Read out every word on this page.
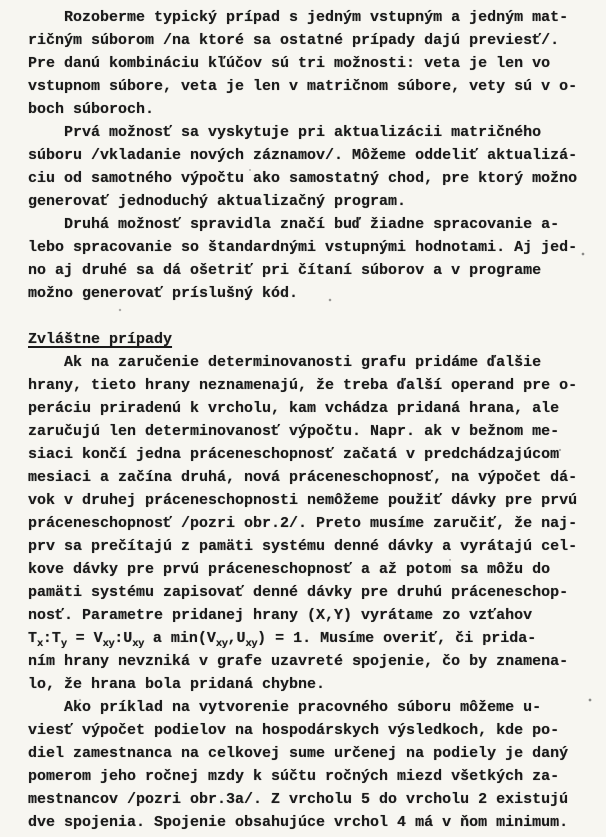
Rozoberme typický prípad s jedným vstupným a jedným mat-
ričným súborom /na ktoré sa ostatné prípady dajú previesť/.
Pre danú kombináciu kľúčov sú tri možnosti: veta je len vo
vstupnom súbore, veta je len v matričnom súbore, vety sú v o-
boch súboroch.
Prvá možnosť sa vyskytuje pri aktualizácii matričného
súboru /vkladanie nových záznamov/. Môžeme oddeliť aktualizá-
ciu od samotného výpočtu ako samostatný chod, pre ktorý možno
generovať jednoduchý aktualizačný program.
Druhá možnosť spravidla značí buď žiadne spracovanie a-
lebo spracovanie so štandardnými vstupnými hodnotami. Aj jed-
no aj druhé sa dá ošetriť pri čítaní súborov a v programe
možno generovať príslušný kód.
Zvláštne prípady
Ak na zaručenie determinovanosti grafu pridáme ďalšie
hrany, tieto hrany neznamenajú, že treba ďalší operand pre o-
peráciu priradenú k vrcholu, kam vchádza pridaná hrana, ale
zaručujú len determinovanosť výpočtu. Napr. ak v bežnom me-
siaci končí jedna práceneschopnosť začatá v predchádzajúcom
mesiaci a začína druhá, nová práceneschopnosť, na výpočet dá-
vok v druhej práceneschopnosti nemôžeme použiť dávky pre prvú
práceneschopnosť /pozri obr.2/. Preto musíme zaručiť, že naj-
prv sa prečítajú z pamäti systému denné dávky a vyrátajú cel-
kove dávky pre prvú práceneschopnosť a až potom sa môžu do
pamäti systému zapisovať denné dávky pre druhú práceneschop-
nosť. Parametre pridanej hrany (X,Y) vyrátame zo vzťahov
$T_x:T_y$ = $V_{xy}:U_{xy}$ a $\min(V_{xy},U_{xy}) = 1$. Musíme overiť, či prida-
ním hrany nevzniká v grafe uzavreté spojenie, čo by znamena-
lo, že hrana bola pridaná chybne.
Ako príklad na vytvorenie pracovného súboru môžeme u-
viesť výpočet podielov na hospodárskych výsledkoch, kde po-
diel zamestnanca na celkovej sume určenej na podiely je daný
pomerom jeho ročnej mzdy k súčtu ročných miezd všetkých za-
mestnancov /pozri obr.3a/. Z vrcholu 5 do vrcholu 2 existujú
dve spojenia. Spojenie obsahujúce vrchol 4 má v ňom minimum.
